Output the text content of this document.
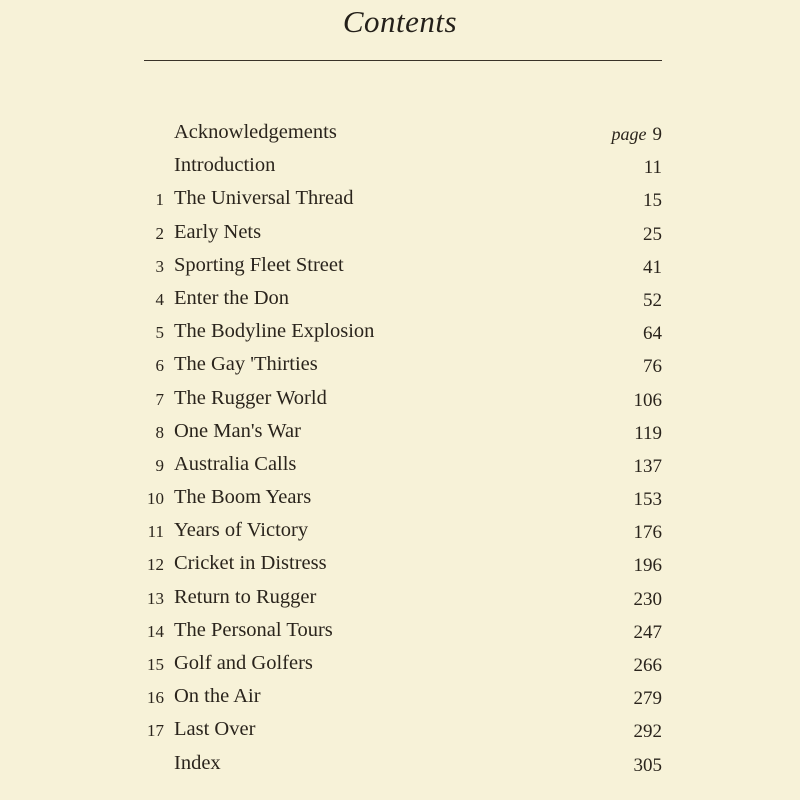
Contents
Acknowledgements	page 9
Introduction	11
1 The Universal Thread	15
2 Early Nets	25
3 Sporting Fleet Street	41
4 Enter the Don	52
5 The Bodyline Explosion	64
6 The Gay 'Thirties	76
7 The Rugger World	106
8 One Man's War	119
9 Australia Calls	137
10 The Boom Years	153
11 Years of Victory	176
12 Cricket in Distress	196
13 Return to Rugger	230
14 The Personal Tours	247
15 Golf and Golfers	266
16 On the Air	279
17 Last Over	292
Index	305
